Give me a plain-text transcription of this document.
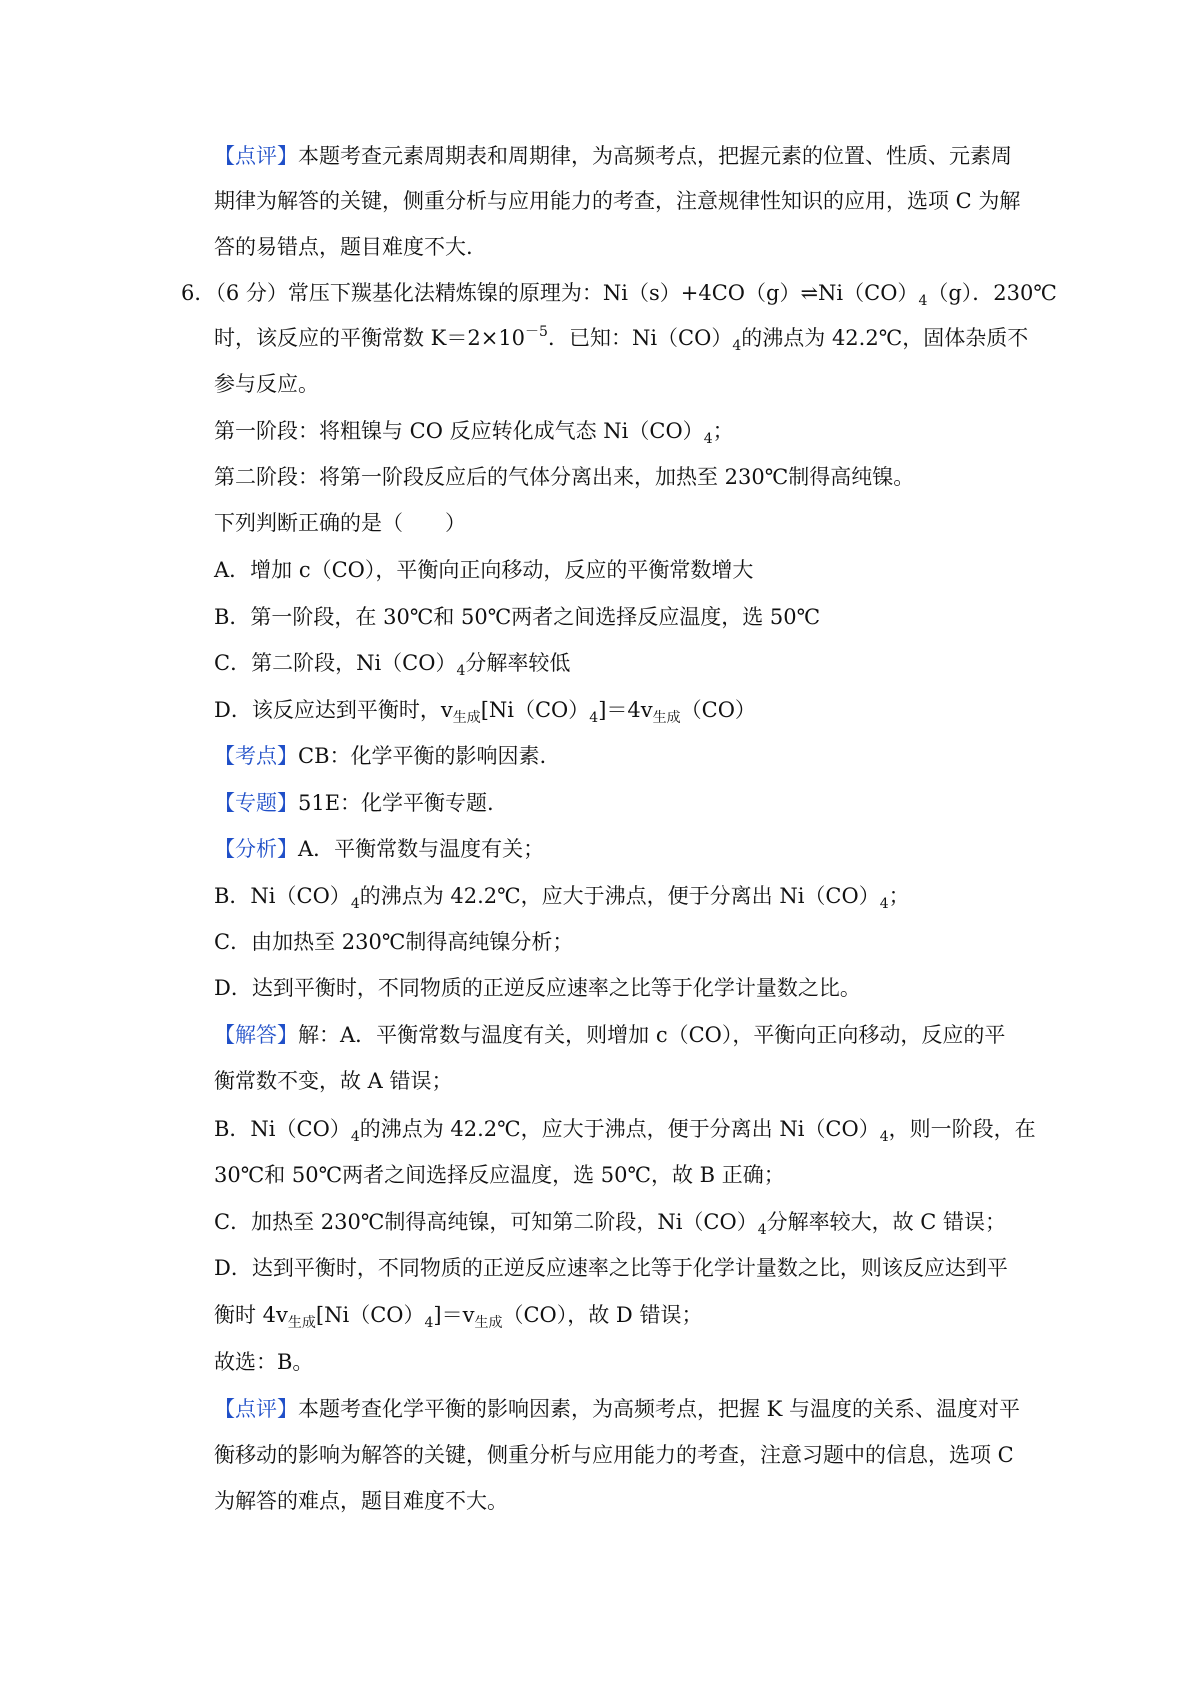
【点评】本题考查元素周期表和周期律，为高频考点，把握元素的位置、性质、元素周
期律为解答的关键，侧重分析与应用能力的考查，注意规律性知识的应用，选项 C 为解
答的易错点，题目难度不大.
6．（6 分）常压下羰基化法精炼镍的原理为：$Ni(s)+4CO(g)\rightleftharpoons Ni(CO)_4(g)$．230℃
时，该反应的平衡常数 $K=2\times 10^{-5}$．已知：$Ni(CO)_4$的沸点为 42.2℃，固体杂质不
参与反应。
第一阶段：将粗镍与 CO 反应转化成气态 $Ni(CO)_4$；
第二阶段：将第一阶段反应后的气体分离出来，加热至 230℃制得高纯镍。
下列判断正确的是（　　）
A．增加 c（CO），平衡向正向移动，反应的平衡常数增大
B．第一阶段，在 30℃和 50℃两者之间选择反应温度，选 50℃
C．第二阶段，$Ni(CO)_4$分解率较低
D．该反应达到平衡时，$v_{生成}[Ni(CO)_4]=4v_{生成}(CO)$
【考点】CB：化学平衡的影响因素.
【专题】51E：化学平衡专题.
【分析】A．平衡常数与温度有关；
B．$Ni(CO)_4$的沸点为 42.2℃，应大于沸点，便于分离出 $Ni(CO)_4$；
C．由加热至 230℃制得高纯镍分析；
D．达到平衡时，不同物质的正逆反应速率之比等于化学计量数之比。
【解答】解：A．平衡常数与温度有关，则增加 c（CO），平衡向正向移动，反应的平
衡常数不变，故 A 错误；
B．$Ni(CO)_4$的沸点为 42.2℃，应大于沸点，便于分离出 $Ni(CO)_4$，则一阶段，在
30℃和 50℃两者之间选择反应温度，选 50℃，故 B 正确；
C．加热至 230℃制得高纯镍，可知第二阶段，$Ni(CO)_4$分解率较大，故 C 错误；
D．达到平衡时，不同物质的正逆反应速率之比等于化学计量数之比，则该反应达到平
衡时 $4v_{生成}[Ni(CO)_4]=v_{生成}(CO)$，故 D 错误；
故选：B。
【点评】本题考查化学平衡的影响因素，为高频考点，把握 K 与温度的关系、温度对平
衡移动的影响为解答的关键，侧重分析与应用能力的考查，注意习题中的信息，选项 C
为解答的难点，题目难度不大。
